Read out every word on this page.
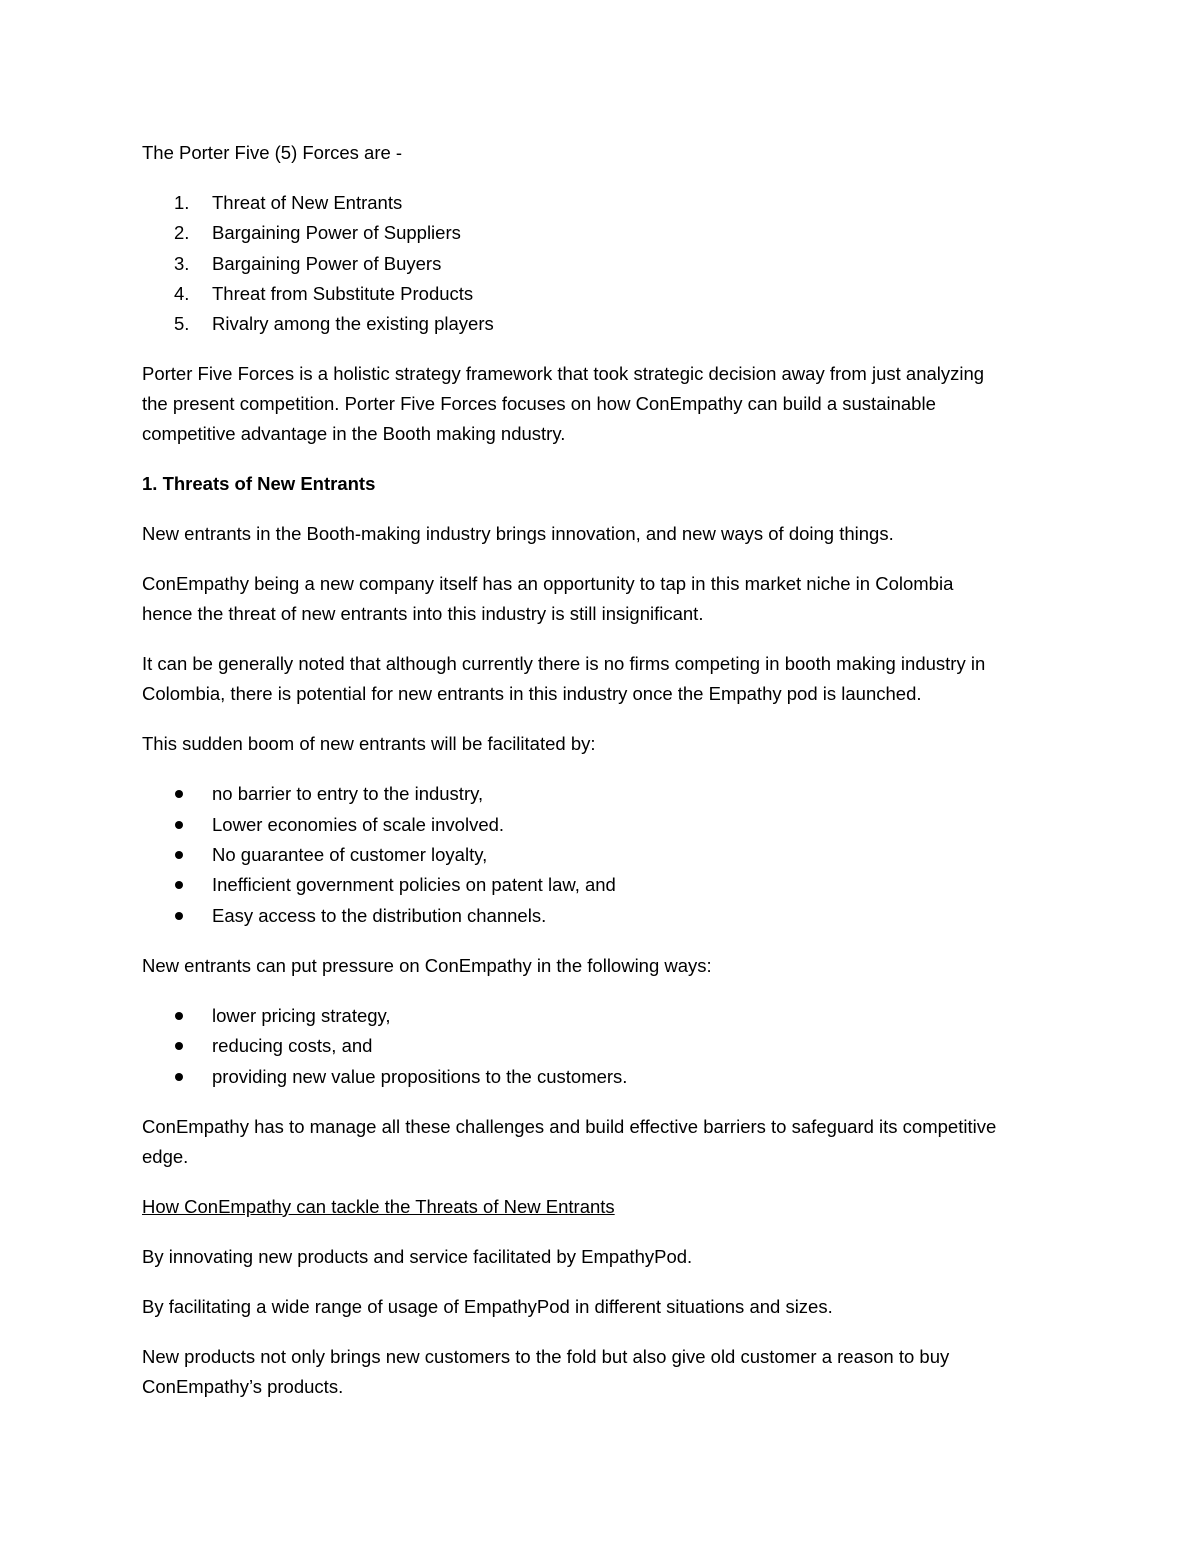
The Porter Five (5) Forces are -

1. Threat of New Entrants
2. Bargaining Power of Suppliers
3. Bargaining Power of Buyers
4. Threat from Substitute Products
5. Rivalry among the existing players

Porter Five Forces is a holistic strategy framework that took strategic decision away from just analyzing
the present competition. Porter Five Forces focuses on how ConEmpathy can build a sustainable
competitive advantage in the Booth making ndustry.

1. Threats of New Entrants

New entrants in the Booth-making industry brings innovation, and new ways of doing things.

ConEmpathy being a new company itself has an opportunity to tap in this market niche in Colombia
hence the threat of new entrants into this industry is still insignificant.

It can be generally noted that although currently there is no firms competing in booth making industry in
Colombia, there is potential for new entrants in this industry once the Empathy pod is launched.

This sudden boom of new entrants will be facilitated by:

no barrier to entry to the industry,
Lower economies of scale involved.
No guarantee of customer loyalty,
Inefficient government policies on patent law, and
Easy access to the distribution channels.

New entrants can put pressure on ConEmpathy in the following ways:

lower pricing strategy,
reducing costs, and
providing new value propositions to the customers.

ConEmpathy has to manage all these challenges and build effective barriers to safeguard its competitive
edge.

How ConEmpathy can tackle the Threats of New Entrants

By innovating new products and service facilitated by EmpathyPod.

By facilitating a wide range of usage of EmpathyPod in different situations and sizes.

New products not only brings new customers to the fold but also give old customer a reason to buy
ConEmpathy’s products.
